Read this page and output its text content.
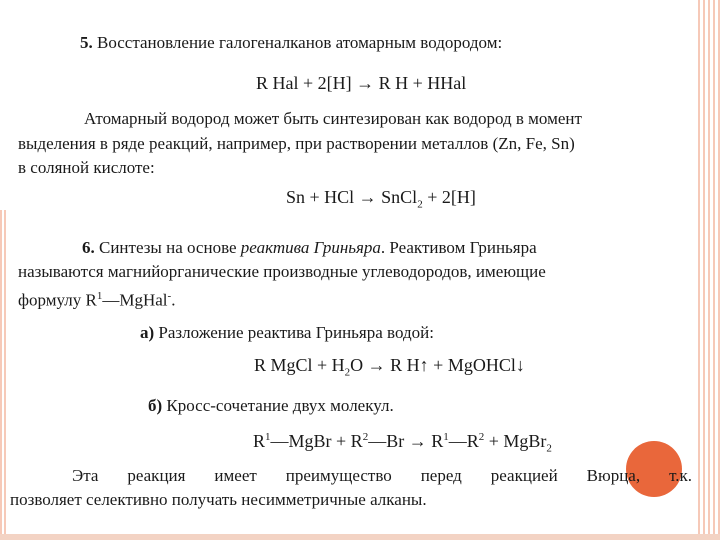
5. Восстановление галогеналканов атомарным водородом:
R Hal + 2[H] → R H + HHal
Атомарный водород может быть синтезирован как водород в момент
выделения в ряде реакций, например, при растворении металлов (Zn, Fe, Sn)
в соляной кислоте:
Sn + HCl → SnCl$_2$ + 2[H]
6. Синтезы на основе реактива Гриньяра. Реактивом Гриньяра
называются магнийорганические производные углеводородов, имеющие
формулу $R^1—MgHal^-$.
а) Разложение реактива Гриньяра водой:
R MgCl + $H_2O \to R$ H↑ + MgOHCl↓
б) Кросс-сочетание двух молекул.
$R^1—MgBr$ + $R^2—Br$ → $R^1—R^2$ + MgBr$_2$
Эта реакция имеет преимущество перед реакцией Вюрца, т.к.
позволяет селективно получать несимметричные алканы.
